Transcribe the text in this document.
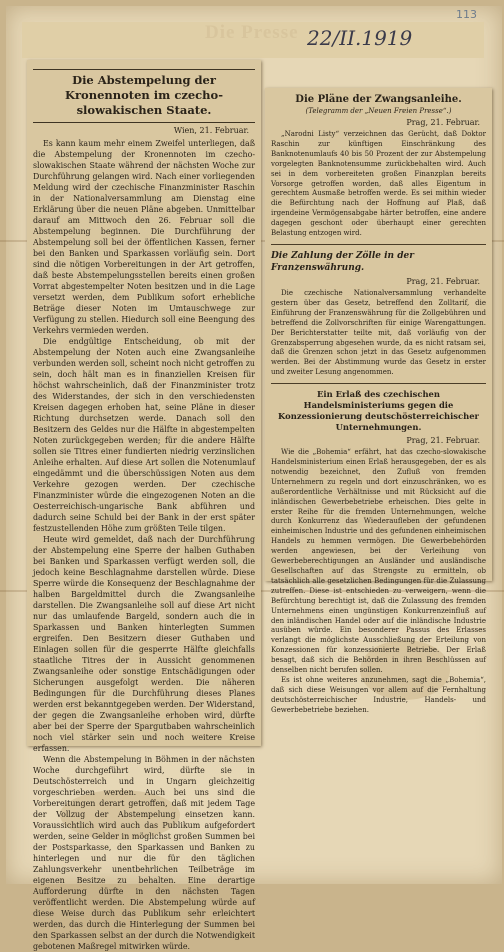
Die Presse 22/II.1919
113
Die Abstempelung der Kronennoten im czecho-slowakischen Staate.
Wien, 21. Februar.

Es kann kaum mehr einem Zweifel unterliegen, daß die Abstempelung der Kronennoten im czecho-slowakischen Staate während der nächsten Woche zur Durchführung gelangen wird. Nach einer vorliegenden Meldung wird der czechische Finanzminister Raschin in der Nationalversammlung am Dienstag eine Erklärung über die neuen Pläne abgeben. Unmittelbar darauf am Mittwoch den 26. Februar soll die Abstempelung beginnen. Die Durchführung der Abstempelung soll bei der öffentlichen Kassen, ferner bei den Banken und Sparkassen vorläufig sein. Dort sind die nötigen Vorbereitungen in der Art getroffen, daß beste Abstempelungsstellen bereits einen großen Vorrat abgestempelter Noten besitzen und in die Lage versetzt werden, dem Publikum sofort erhebliche Beträge dieser Noten im Umtauschwege zur Verfügung zu stellen. Hiedurch soll eine Beengung des Verkehrs vermieden werden.

Die endgültige Entscheidung, ob mit der Abstempelung der Noten auch eine Zwangsanleihe verbunden werden soll, scheint noch nicht getroffen zu sein, doch hält man es in finanziellen Kreisen für höchst wahrscheinlich, daß der Finanzminister trotz des Widerstandes, der sich in den verschiedensten Kreisen dagegen erhoben hat, seine Pläne in dieser Richtung durchsetzen werde. Danach soll den Besitzern des Geldes nur die Hälfte in abgestempelten Noten zurückgegeben werden; für die andere Hälfte sollen sie Titres einer fundierten niedrig verzinslichen Anleihe erhalten. Auf diese Art sollen die Notenumlauf eingedämmt und die überschüssigen Noten aus dem Verkehre gezogen werden. Der czechische Finanzminister würde die eingezogenen Noten an die Oesterreichisch-ungarische Bank abführen und dadurch seine Schuld bei der Bank in der erst später festzustellenden Höhe zum größten Teile tilgen.

Heute wird gemeldet, daß nach der Durchführung der Abstempelung eine Sperre der halben Guthaben bei Banken und Sparkassen verfügt werden soll, die jedoch keine Beschlagnahme darstellen würde. Diese Sperre würde die Konsequenz der Beschlagnahme der halben Bargeldmittel durch die Zwangsanleihe darstellen. Die Zwangsanleihe soll auf diese Art nicht nur das umlaufende Bargeld, sondern auch die in Sparkassen und Banken hinterlegten Summen ergreifen. Den Besitzern dieser Guthaben und Einlagen sollen für die gesperrte Hälfte gleichfalls staatliche Titres der in Aussicht genommenen Zwangsanleihe oder sonstige Entschädigungen oder Sicherungen ausgefolgt werden. Die näheren Bedingungen für die Durchführung dieses Planes werden erst bekanntgegeben werden. Der Widerstand, der gegen die Zwangsanleihe erhoben wird, dürfte aber bei der Sperre der Spargutbaben wahrscheinlich noch viel stärker sein und noch weitere Kreise erfassen.

Wenn die Abstempelung in Böhmen in der nächsten Woche durchgeführt wird, dürfte sie in Deutschösterreich und in Ungarn gleichzeitig vorgeschrieben werden. Auch bei uns sind die Vorbereitungen derart getroffen, daß mit jedem Tage der Vollzug der Abstempelung einsetzen kann. Voraussichtlich wird auch das Publikum aufgefordert werden, seine Gelder in möglichst großen Summen bei der Postsparkasse, den Sparkassen und Banken zu hinterlegen und nur die für den täglichen Zahlungsverkehr unentbehrlichen Teilbeträge im eigenen Besitze zu behalten. Eine derartige Aufforderung dürfte in den nächsten Tagen veröffentlicht werden. Die Abstempelung würde auf diese Weise durch das Publikum sehr erleichtert werden, das durch die Hinterlegung der Summen bei den Sparkassen selbst an der durch die Notwendigkeit gebotenen Maßregel mitwirken würde.

Die Pläne der Zwangsanleihe.
(Telegramm der „Neuen Freien Presse“.)
Prag, 21. Februar.

„Narodni Listy“ verzeichnen das Gerücht, daß Doktor Raschin zur künftigen Einschränkung des Banknotenumlaufs 40 bis 50 Prozent der zur Abstempelung vorgelegten Banknotensumme zurückbehalten wird. Auch sei in dem vorbereiteten großen Finanzplan bereits Vorsorge getroffen worden, daß alles Eigentum in gerechtem Ausmaße betroffen werde. Es sei mithin wieder die Befürchtung nach der Hoffnung auf Plaß, daß irgendeine Vermögensabgabe härter betroffen, eine andere dagegen geschont oder überhaupt einer gerechten Belastung entzogen wird.

Die Zahlung der Zölle in der Franzenswährung.
Prag, 21. Februar.

Die czechische Nationalversammlung verhandelte gestern über das Gesetz, betreffend den Zolltarif, die Einführung der Franzenswährung für die Zollgebühren und betreffend die Zollvorschriften für einige Warengattungen. Der Berichterstatter teilte mit, daß vorläufig von der Grenzabsperrung abgesehen wurde, da es nicht ratsam sei, daß die Grenzen schon jetzt in das Gesetz aufgenommen werden. Bei der Abstimmung wurde das Gesetz in erster und zweiter Lesung angenommen.

Ein Erlaß des czechischen Handelsministeriums gegen die Konzessionierung deutschösterreichischer Unternehmungen.
Prag, 21. Februar.

Wie die „Bohemia“ erfährt, hat das czecho-slowakische Handelsministerium einen Erlaß herausgegeben, der es als notwendig bezeichnet, den Zufluß von fremden Unternehmern zu regeln und dort einzuschränken, wo es außerordentliche Verhältnisse und mit Rücksicht auf die inländischen Gewerbebetriebe erheischen. Dies gelte in erster Reihe für die fremden Unternehmungen, welche durch Konkurrenz das Wiederaufleben der gefundenen einheimischen Industrie und des gefundenen einheimischen Handels zu hemmen vermögen. Die Gewerbebehörden werden angewiesen, bei der Verleihung von Gewerbeberechtigungen an Ausländer und ausländische Gesellschaften auf das Strengste zu ermitteln, ob tatsächlich alle gesetzlichen Bedingungen für die Zulassung zutreffen. Diese ist entschieden zu verweigern, wenn die Befürchtung berechtigt ist, daß die Zulassung des fremden Unternehmens einen ungünstigen Konkurrenzeinfluß auf den inländischen Handel oder auf die inländische Industrie ausüben würde. Ein besonderer Passus des Erlasses verlangt die möglichste Ausschließung der Erteilung von Konzessionen für konzessionierte Betriebe. Der Erlaß besagt, daß sich die Behörden in ihren Beschlüssen auf denselben nicht berufen sollen.

Es ist ohne weiteres anzunehmen, sagt die „Bohemia“, daß sich diese Weisungen vor allem auf die Fernhaltung deutschösterreichischer Industrie, Handels- und Gewerbebetriebe beziehen.
